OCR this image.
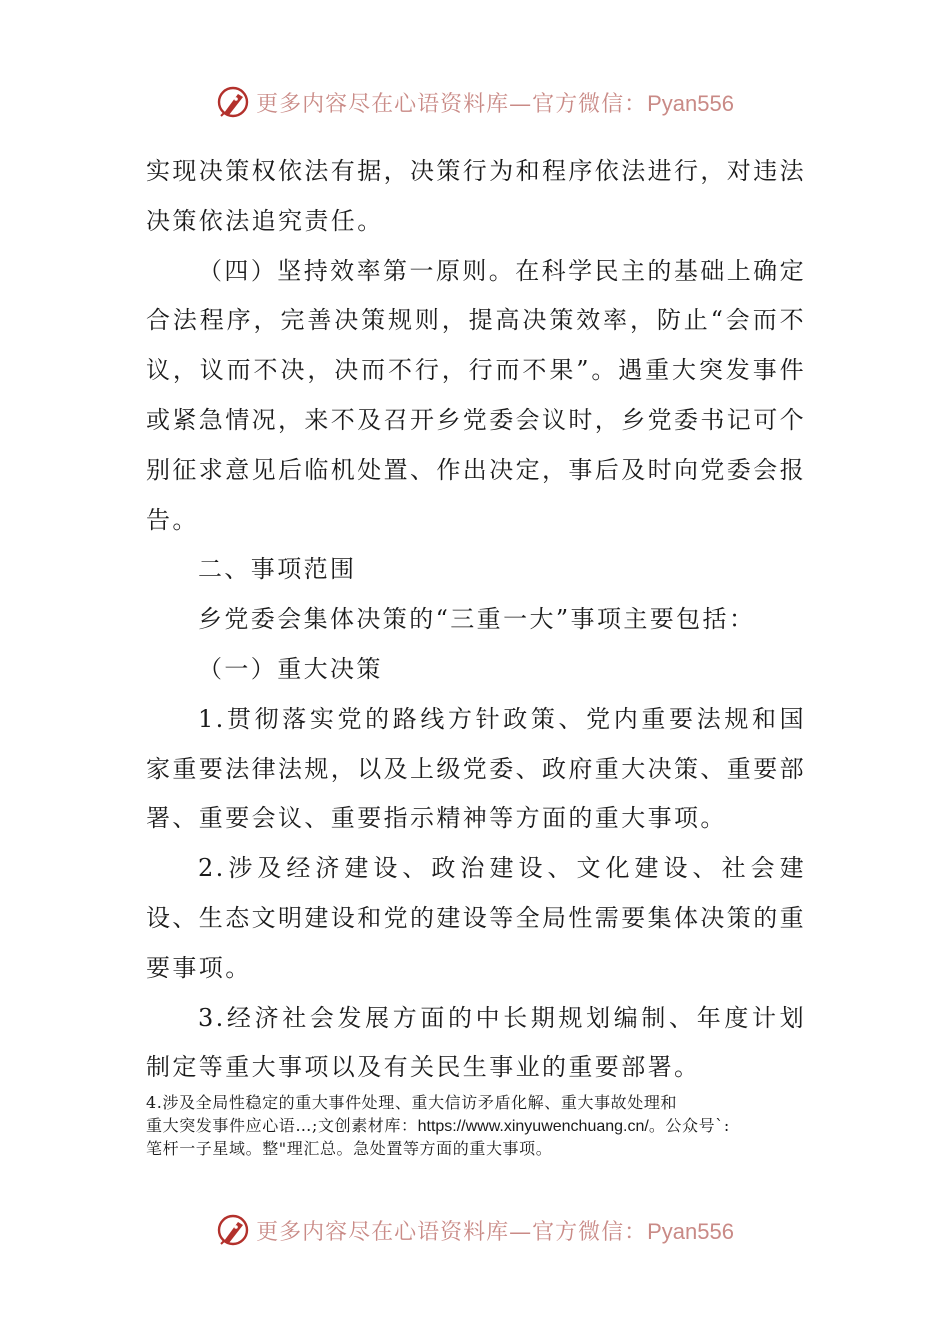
更多内容尽在心语资料库—官方微信：Pyan556

实现决策权依法有据，决策行为和程序依法进行，对违法决策依法追究责任。

（四）坚持效率第一原则。在科学民主的基础上确定合法程序，完善决策规则，提高决策效率，防止“会而不议，议而不决，决而不行，行而不果”。遇重大突发事件或紧急情况，来不及召开乡党委会议时，乡党委书记可个别征求意见后临机处置、作出决定，事后及时向党委会报告。

二、事项范围

乡党委会集体决策的“三重一大”事项主要包括：

（一）重大决策

1.贯彻落实党的路线方针政策、党内重要法规和国家重要法律法规，以及上级党委、政府重大决策、重要部署、重要会议、重要指示精神等方面的重大事项。

2.涉及经济建设、政治建设、文化建设、社会建设、生态文明建设和党的建设等全局性需要集体决策的重要事项。

3.经济社会发展方面的中长期规划编制、年度计划制定等重大事项以及有关民生事业的重要部署。

4.涉及全局性稳定的重大事件处理、重大信访矛盾化解、重大事故处理和
重大突发事件应心语…;文创素材库：https://www.xinyuwenchuang.cn/。公众号`:
笔杆一子星域。整"理汇总。急处置等方面的重大事项。
更多内容尽在心语资料库—官方微信：Pyan556
